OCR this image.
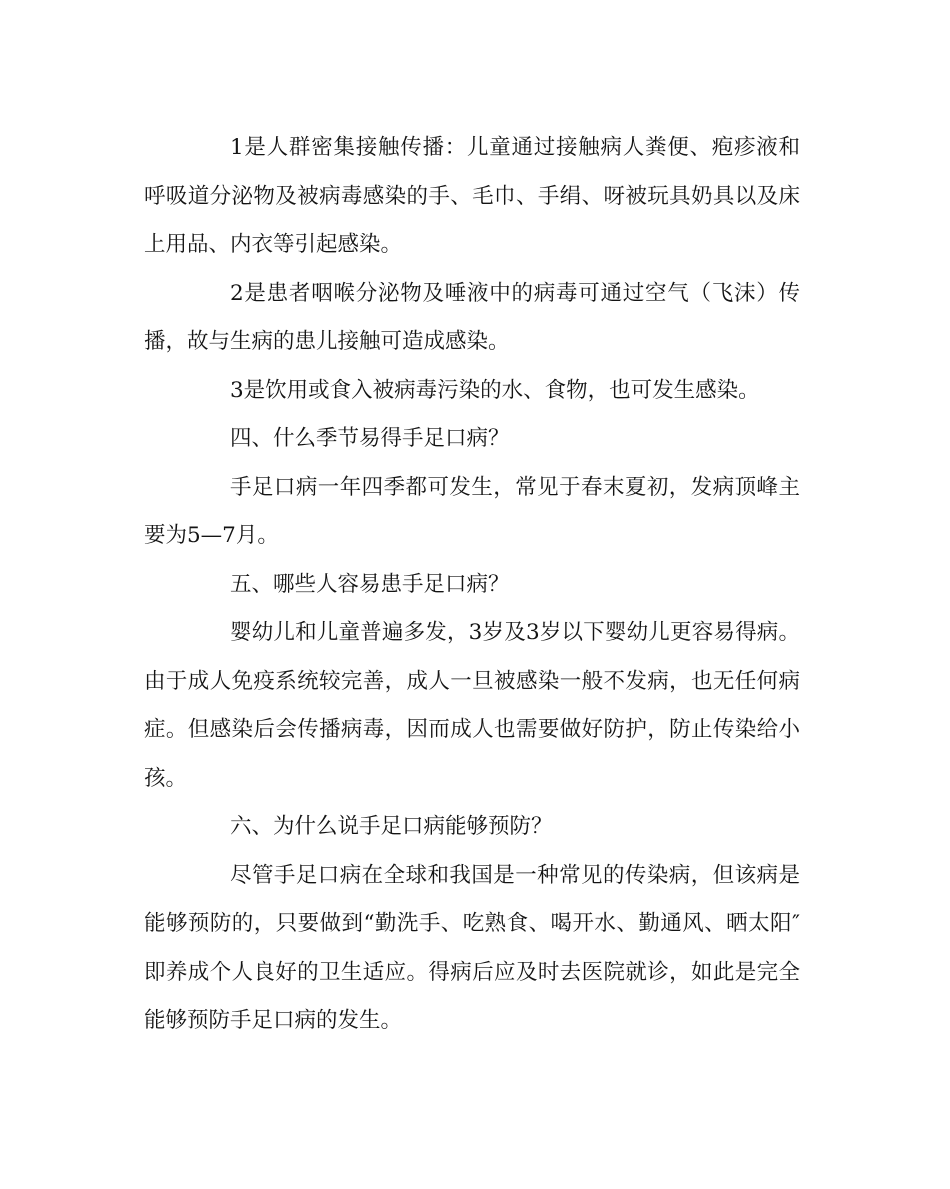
1是人群密集接触传播：儿童通过接触病人粪便、疱疹液和呼吸道分泌物及被病毒感染的手、毛巾、手绢、呀被玩具奶具以及床上用品、内衣等引起感染。

2是患者咽喉分泌物及唾液中的病毒可通过空气（飞沫）传播，故与生病的患儿接触可造成感染。

3是饮用或食入被病毒污染的水、食物，也可发生感染。

四、什么季节易得手足口病？

手足口病一年四季都可发生，常见于春末夏初，发病顶峰主要为5—7月。

五、哪些人容易患手足口病？

婴幼儿和儿童普遍多发，3岁及3岁以下婴幼儿更容易得病。由于成人免疫系统较完善，成人一旦被感染一般不发病，也无任何病症。但感染后会传播病毒，因而成人也需要做好防护，防止传染给小孩。

六、为什么说手足口病能够预防？

尽管手足口病在全球和我国是一种常见的传染病，但该病是能够预防的，只要做到“勤洗手、吃熟食、喝开水、勤通风、晒太阳″即养成个人良好的卫生适应。得病后应及时去医院就诊，如此是完全能够预防手足口病的发生。
